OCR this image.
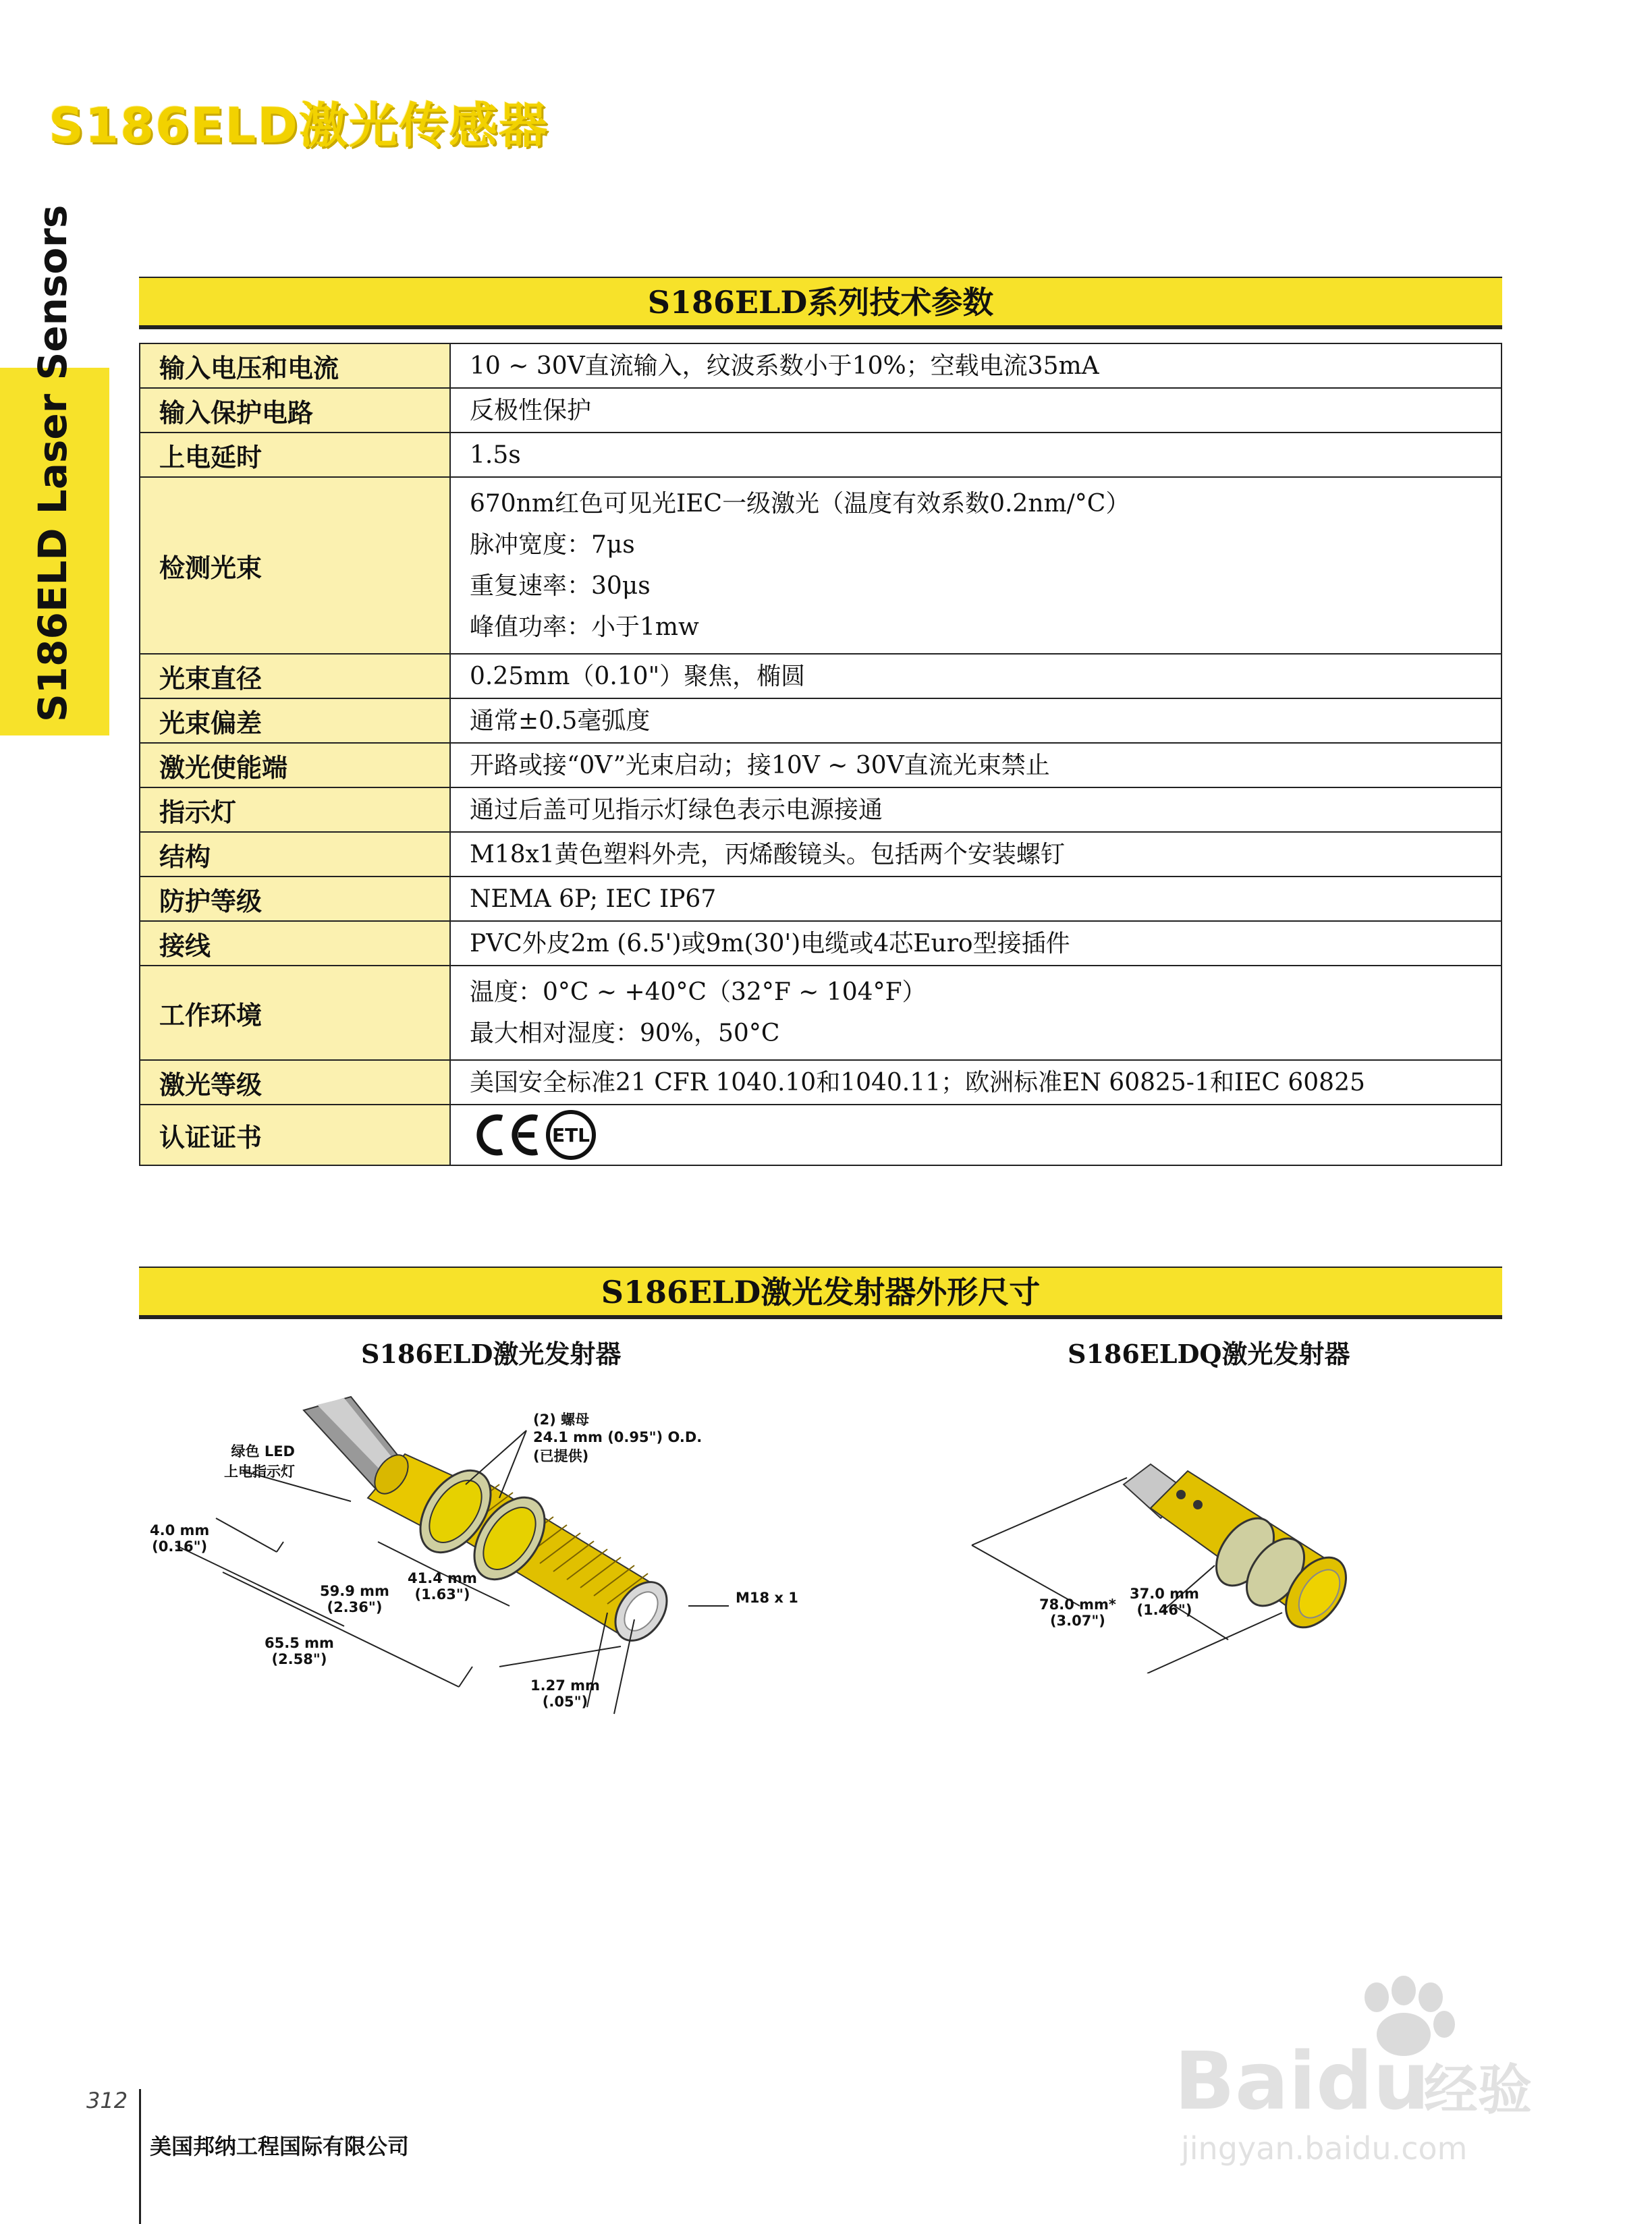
S186ELD激光传感器
S186ELD Laser Sensors	S186ELD系列技术参数
输入电压和电流	10 ~ 30V直流输入，纹波系数小于10%；空载电流35mA

输入保护电路	反极性保护

上电延时	1.5s

检测光束	670nm红色可见光IEC一级激光（温度有效系数0.2nm/°C）
脉冲宽度：7μs
重复速率：30μs
峰值功率：小于1mw

光束直径	0.25mm（0.10"）聚焦，椭圆

光束偏差	通常±0.5毫弧度

激光使能端	开路或接“0V”光束启动；接10V ~ 30V直流光束禁止

指示灯	通过后盖可见指示灯绿色表示电源接通

结构	M18x1黄色塑料外壳，丙烯酸镜头。包括两个安装螺钉

防护等级	NEMA 6P; IEC IP67

接线	PVC外皮2m (6.5')或9m(30')电缆或4芯Euro型接插件

工作环境	温度：0°C ~ +40°C（32°F ~ 104°F）
最大相对湿度：90%，50°C

激光等级	美国安全标准21 CFR 1040.10和1040.11；欧洲标准EN 60825-1和IEC 60825

认证证书	ETL
S186ELD激光发射器外形尺寸
S186ELD激光发射器	S186ELDQ激光发射器
绿色 LED
上电指示灯
(2) 螺母
24.1 mm (0.95") O.D.
(已提供)
4.0 mm
(0.16")
59.9 mm
(2.36")
41.4 mm
(1.63")
65.5 mm
(2.58")
1.27 mm
(.05")
M18 x 1	78.0 mm*
(3.07")
37.0 mm
(1.46")
Baidu
经验
jingyan.baidu.com
312
美国邦纳工程国际有限公司
